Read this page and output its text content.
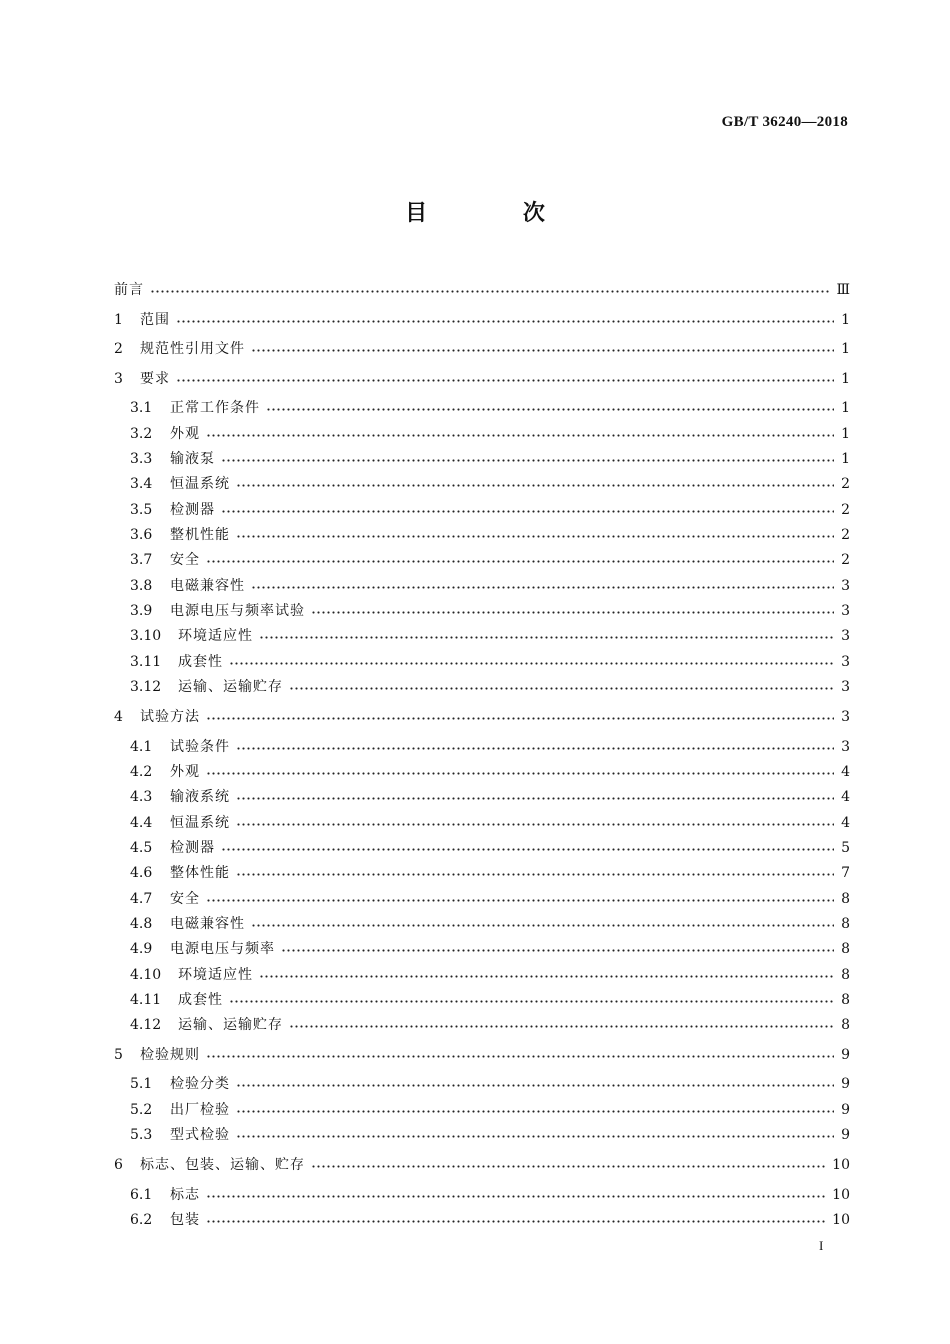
GB/T 36240—2018
目 次
前言	Ⅲ
1	范围	1
2	规范性引用文件	1
3	要求	1
3.1	正常工作条件	1
3.2	外观	1
3.3	输液泵	1
3.4	恒温系统	2
3.5	检测器	2
3.6	整机性能	2
3.7	安全	2
3.8	电磁兼容性	3
3.9	电源电压与频率试验	3
3.10	环境适应性	3
3.11	成套性	3
3.12	运输、运输贮存	3
4	试验方法	3
4.1	试验条件	3
4.2	外观	4
4.3	输液系统	4
4.4	恒温系统	4
4.5	检测器	5
4.6	整体性能	7
4.7	安全	8
4.8	电磁兼容性	8
4.9	电源电压与频率	8
4.10	环境适应性	8
4.11	成套性	8
4.12	运输、运输贮存	8
5	检验规则	9
5.1	检验分类	9
5.2	出厂检验	9
5.3	型式检验	9
6	标志、包装、运输、贮存	10
6.1	标志	10
6.2	包装	10
I
